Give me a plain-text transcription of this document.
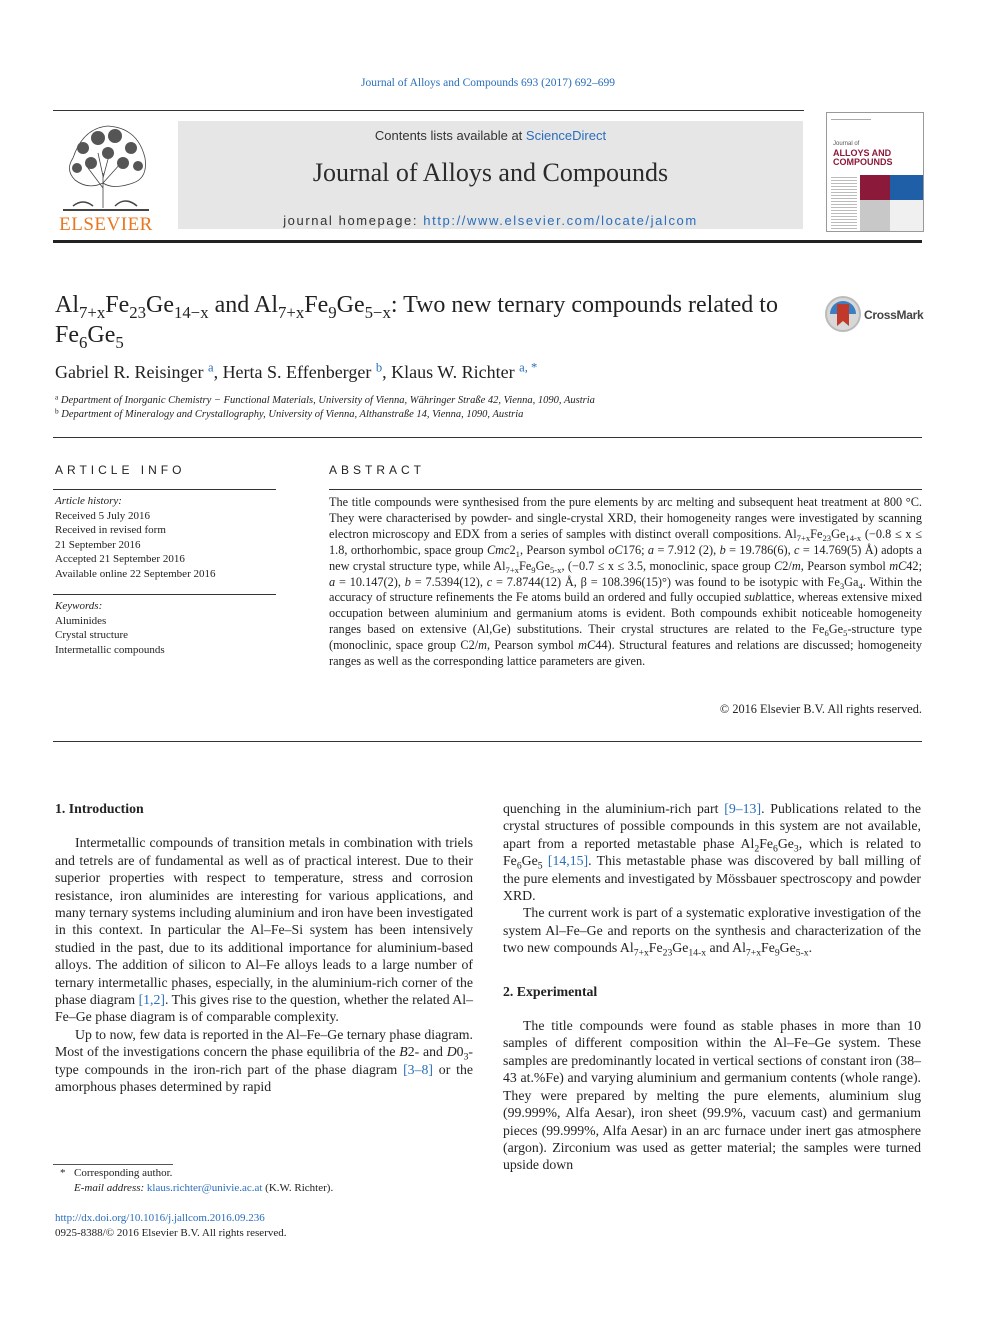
Journal of Alloys and Compounds 693 (2017) 692–699
ELSEVIER
Contents lists available at ScienceDirect
Journal of Alloys and Compounds
journal homepage: http://www.elsevier.com/locate/jalcom
Journal of
ALLOYS AND COMPOUNDS
$Al_{7+x}Fe_{23}Ge_{14-x}$ and $Al_{7+x}Fe_9Ge_{5-x}$: Two new ternary compounds related to $Fe_6Ge_5$
CrossMark
Gabriel R. Reisinger $^a$, Herta S. Effenberger $^b$, Klaus W. Richter $^{a, *}$
$^a$ Department of Inorganic Chemistry − Functional Materials, University of Vienna, Währinger Straße 42, Vienna, 1090, Austria
$^b$ Department of Mineralogy and Crystallography, University of Vienna, Althanstraße 14, Vienna, 1090, Austria
ARTICLE INFO
Article history:
Received 5 July 2016
Received in revised form
21 September 2016
Accepted 21 September 2016
Available online 22 September 2016
Keywords:
Aluminides
Crystal structure
Intermetallic compounds
ABSTRACT
The title compounds were synthesised from the pure elements by arc melting and subsequent heat treatment at 800 °C. They were characterised by powder- and single-crystal XRD, their homogeneity ranges were investigated by scanning electron microscopy and EDX from a series of samples with distinct overall compositions. $Al_{7+x}Fe_{23}Ge_{14-x}$ (−0.8 ≤ x ≤ 1.8, orthorhombic, space group $Cmc2_1$, Pearson symbol oC176; a = 7.912 (2), b = 19.786(6), c = 14.769(5) Å) adopts a new crystal structure type, while $Al_{7+x}Fe_9Ge_{5-x}$, (−0.7 ≤ x ≤ 3.5, monoclinic, space group C2/m, Pearson symbol mC42; a = 10.147(2), b = 7.5394(12), c = 7.8744(12) Å, β = 108.396(15)°) was found to be isotypic with $Fe_3Ga_4$. Within the accuracy of structure refinements the Fe atoms build an ordered and fully occupied sublattice, whereas extensive mixed occupation between aluminium and germanium atoms is evident. Both compounds exhibit noticeable homogeneity ranges based on extensive (Al,Ge) substitutions. Their crystal structures are related to the $Fe_6Ge_5$-structure type (monoclinic, space group C2/m, Pearson symbol mC44). Structural features and relations are discussed; homogeneity ranges as well as the corresponding lattice parameters are given.
© 2016 Elsevier B.V. All rights reserved.
1. Introduction

Intermetallic compounds of transition metals in combination with triels and tetrels are of fundamental as well as of practical interest. Due to their superior properties with respect to temperature, stress and corrosion resistance, iron aluminides are interesting for various applications, and many ternary systems including aluminium and iron have been investigated in this context. In particular the Al–Fe–Si system has been intensively studied in the past, due to its additional importance for aluminium-based alloys. The addition of silicon to Al–Fe alloys leads to a large number of ternary intermetallic phases, especially, in the aluminium-rich corner of the phase diagram [1,2]. This gives rise to the question, whether the related Al–Fe–Ge phase diagram is of comparable complexity.

Up to now, few data is reported in the Al–Fe–Ge ternary phase diagram. Most of the investigations concern the phase equilibria of the B2- and $D0_3$-type compounds in the iron-rich part of the phase diagram [3–8] or the amorphous phases determined by rapid

quenching in the aluminium-rich part [9–13]. Publications related to the crystal structures of possible compounds in this system are not available, apart from a reported metastable phase $Al_2Fe_6Ge_3$, which is related to $Fe_6Ge_5$ [14,15]. This metastable phase was discovered by ball milling of the pure elements and investigated by Mössbauer spectroscopy and powder XRD.

The current work is part of a systematic explorative investigation of the system Al–Fe–Ge and reports on the synthesis and characterization of the two new compounds $Al_{7+x}Fe_{23}Ge_{14-x}$ and $Al_{7+x}Fe_9Ge_{5-x}$.

2. Experimental

The title compounds were found as stable phases in more than 10 samples of different composition within the Al–Fe–Ge system. These samples are predominantly located in vertical sections of constant iron (38–43 at.%Fe) and varying aluminium and germanium contents (whole range). They were prepared by melting the pure elements, aluminium slug (99.999%, Alfa Aesar), iron sheet (99.9%, vacuum cast) and germanium pieces (99.999%, Alfa Aesar) in an arc furnace under inert gas atmosphere (argon). Zirconium was used as getter material; the samples were turned upside down

* Corresponding author.
E-mail address: klaus.richter@univie.ac.at (K.W. Richter).
http://dx.doi.org/10.1016/j.jallcom.2016.09.236
0925-8388/© 2016 Elsevier B.V. All rights reserved.
